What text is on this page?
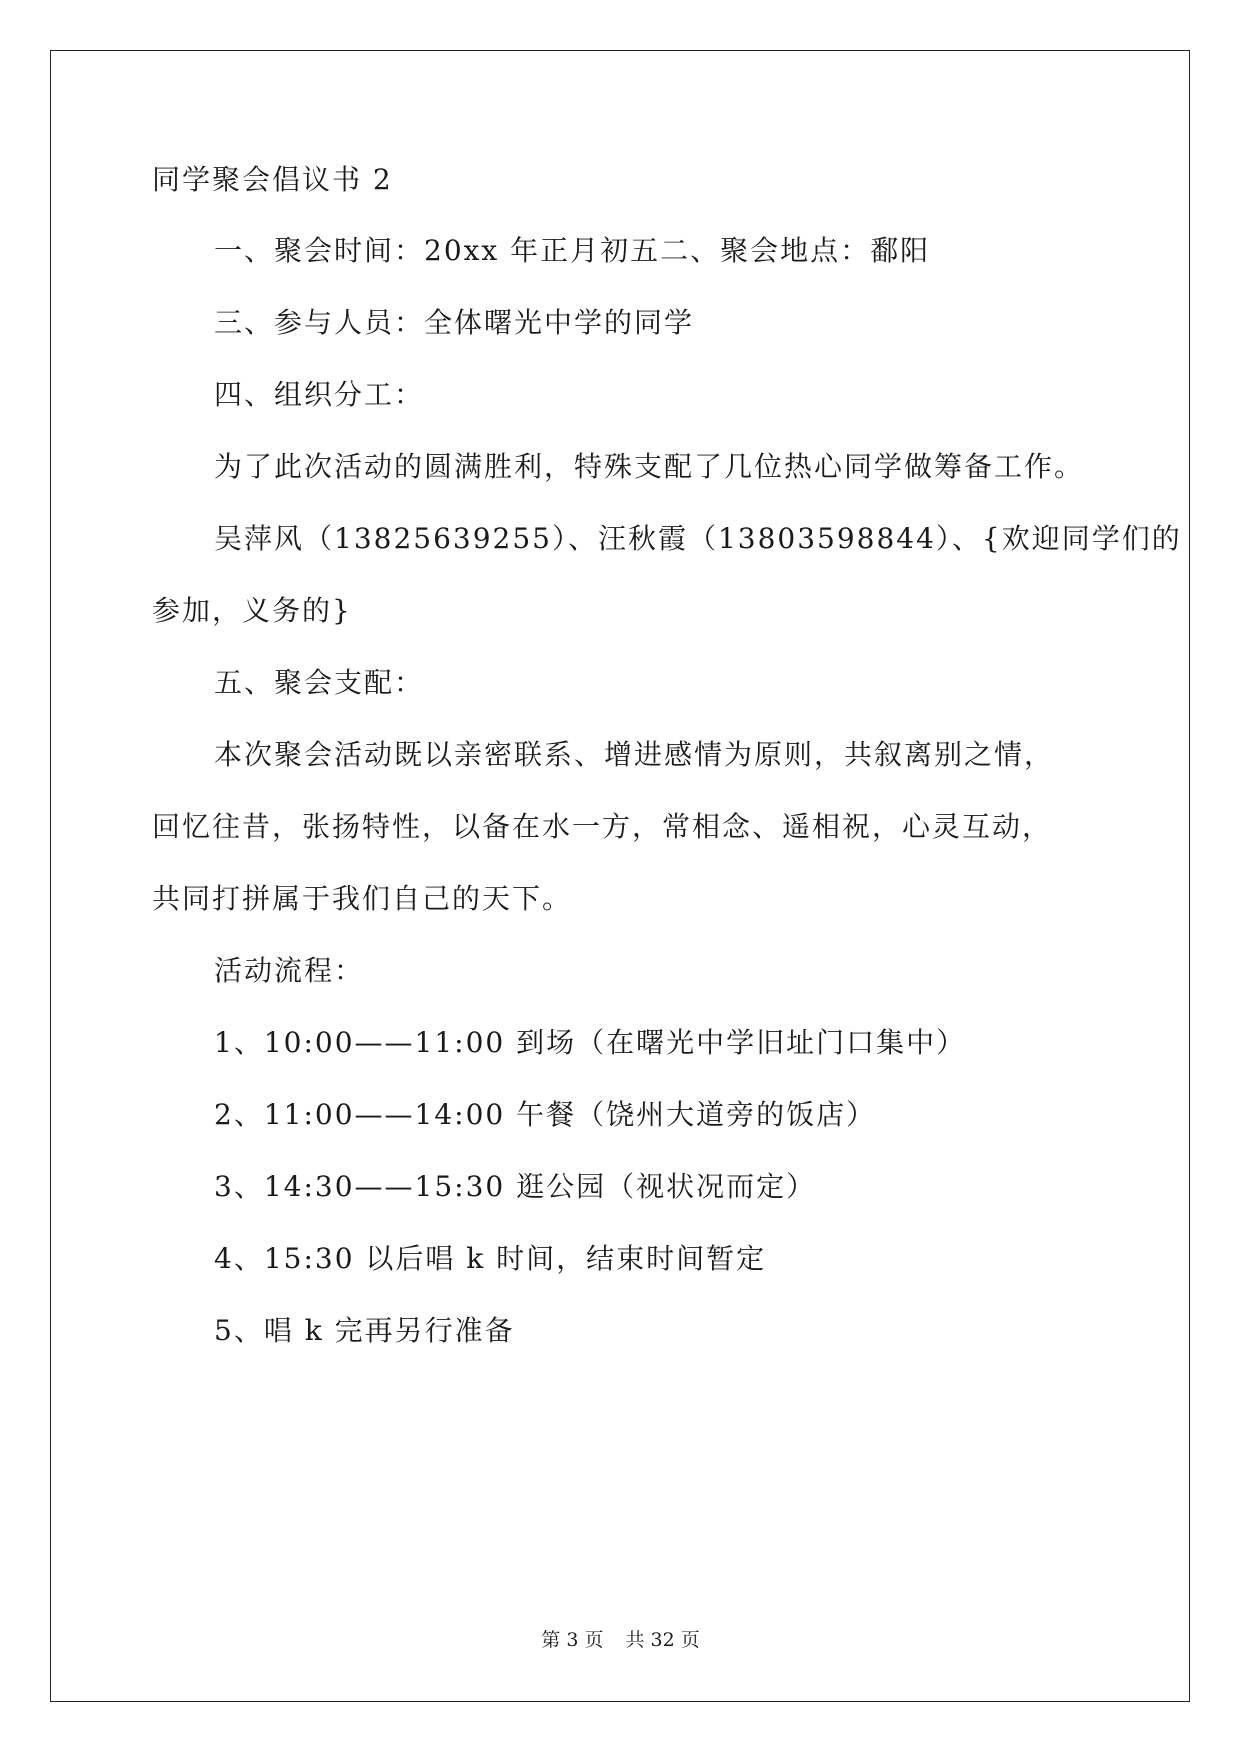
同学聚会倡议书 2

一、聚会时间：20xx 年正月初五二、聚会地点：鄱阳

三、参与人员：全体曙光中学的同学

四、组织分工：

为了此次活动的圆满胜利，特殊支配了几位热心同学做筹备工作。

吴萍风（13825639255）、汪秋霞（13803598844）、{欢迎同学们的

参加，义务的}

五、聚会支配：

本次聚会活动既以亲密联系、增进感情为原则，共叙离别之情，

回忆往昔，张扬特性，以备在水一方，常相念、遥相祝，心灵互动，

共同打拼属于我们自己的天下。

活动流程：

1、10:00——11:00 到场（在曙光中学旧址门口集中）

2、11:00——14:00 午餐（饶州大道旁的饭店）

3、14:30——15:30 逛公园（视状况而定）

4、15:30 以后唱 k 时间，结束时间暂定

5、唱 k 完再另行准备

第 3 页 共 32 页
